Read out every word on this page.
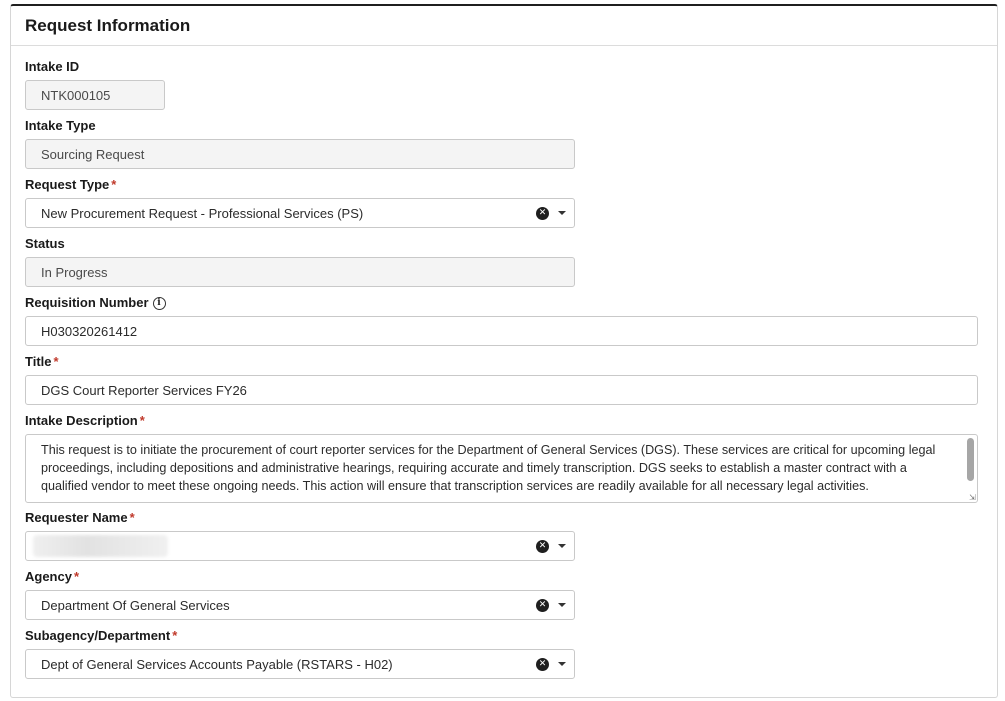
Request Information
Intake ID
NTK000105
Intake Type
Sourcing Request
Request Type *
New Procurement Request - Professional Services (PS)	✕
Status
In Progress
Requisition Number i
H030320261412
Title *
DGS Court Reporter Services FY26
Intake Description *
This request is to initiate the procurement of court reporter services for the Department of General Services (DGS). These services are critical for upcoming legal proceedings, including depositions and administrative hearings, requiring accurate and timely transcription. DGS seeks to establish a master contract with a qualified vendor to meet these ongoing needs. This action will ensure that transcription services are readily available for all necessary legal activities.
⇲
Requester Name *
✕
Agency *
Department Of General Services	✕
Subagency/Department *
Dept of General Services Accounts Payable (RSTARS - H02)	✕
